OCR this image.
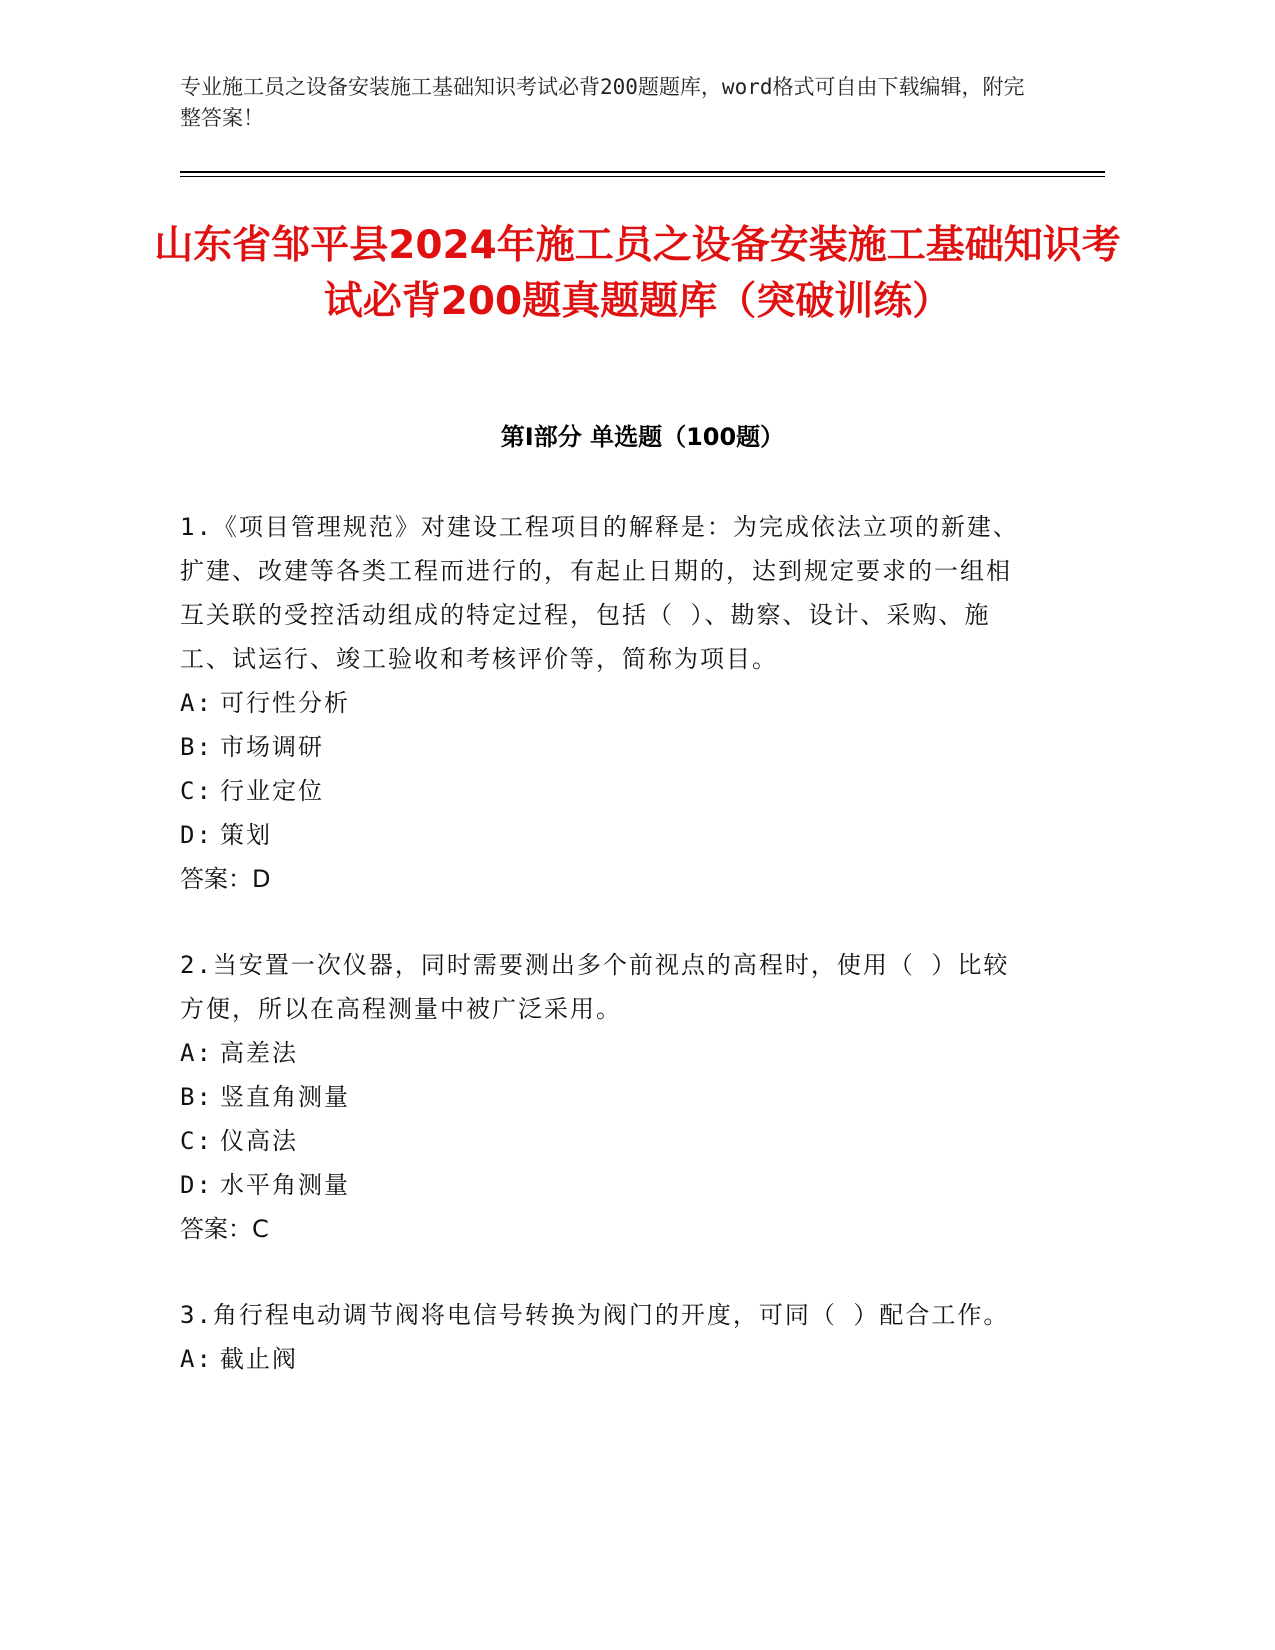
专业施工员之设备安装施工基础知识考试必背200题题库，word格式可自由下载编辑，附完整答案！
山东省邹平县2024年施工员之设备安装施工基础知识考试必背200题真题题库（突破训练）
第I部分 单选题（100题）

1.《项目管理规范》对建设工程项目的解释是：为完成依法立项的新建、扩建、改建等各类工程而进行的，有起止日期的，达到规定要求的一组相互关联的受控活动组成的特定过程，包括（ ）、勘察、设计、采购、施工、试运行、竣工验收和考核评价等，简称为项目。

A: 可行性分析

B: 市场调研

C: 行业定位

D: 策划

答案：D

2.当安置一次仪器，同时需要测出多个前视点的高程时，使用（ ）比较方便，所以在高程测量中被广泛采用。

A: 高差法

B: 竖直角测量

C: 仪高法

D: 水平角测量

答案：C

3.角行程电动调节阀将电信号转换为阀门的开度，可同（ ）配合工作。

A: 截止阀
